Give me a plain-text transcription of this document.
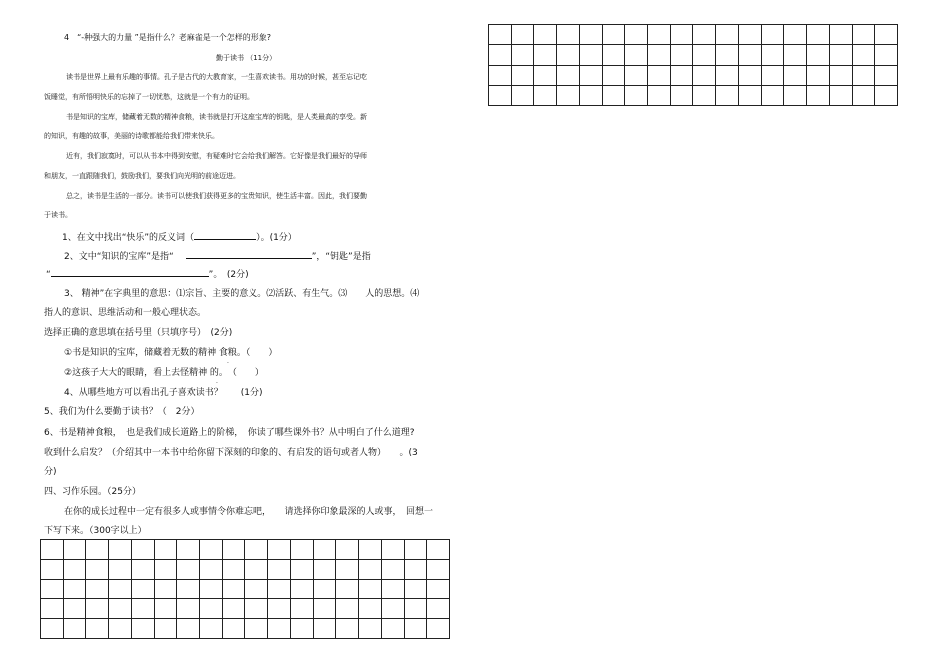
4　“-种强大的力量 ”是指什么？老麻雀是一个怎样的形象?
勤于读书 （11分）
读书是世界上最有乐趣的事情。孔子是古代的大教育家，一生喜欢读书。用功的时候，甚至忘记吃
饭睡觉，有所悟明快乐的忘掉了一切忧愁，这就是一个有力的证明。
书是知识的宝库，储藏着无数的精神食粮，读书就是打开这座宝库的钥匙，是人类最高的享受。新
的知识，有趣的故事，美丽的诗歌都能给我们带来快乐。
近有，我们寂寞时，可以从书本中得到安慰，有疑难时它会给我们解答。它好像是我们最好的导师
和朋友，一直跟随我们，鼓励我们，要我们向光明的前途迈进。
总之，读书是生活的一部分。读书可以使我们获得更多的宝贵知识，使生活丰富。因此，我们要勤
于读书。
1、在文中找出“快乐”的反义词（	）。(1分）
2、文中“知识的宝库”是指“	”，“钥匙”是指
“	”。　(2分)
3、 精神”在字典里的意思：⑴宗旨、主要的意义。⑵活跃、有生气。⑶　　人的思想。⑷
指人的意识、思维活动和一般心理状态。
选择正确的意思填在括号里（只填序号）　(2分)
①书是知识的宝库，储藏着无数的精神 食粮。（　　）
·
②这孩子大大的眼睛，看上去怪精神 的。　（　　）
·
4、从哪些地方可以看出孔子喜欢读书？　　(1分)
5、我们为什么要勤于读书？（　2分）
6、书是精神食粮，　也是我们成长道路上的阶梯，　你读了哪些课外书？从中明白了什么道理?
收到什么启发？（介绍其中一本书中给你留下深刻的印象的、有启发的语句或者人物）　　。(3
分)
四、习作乐园。（25分）
在你的成长过程中一定有很多人或事情令你难忘吧，　　请选择你印象最深的人或事，　回想一
下写下来。（300字以上）
